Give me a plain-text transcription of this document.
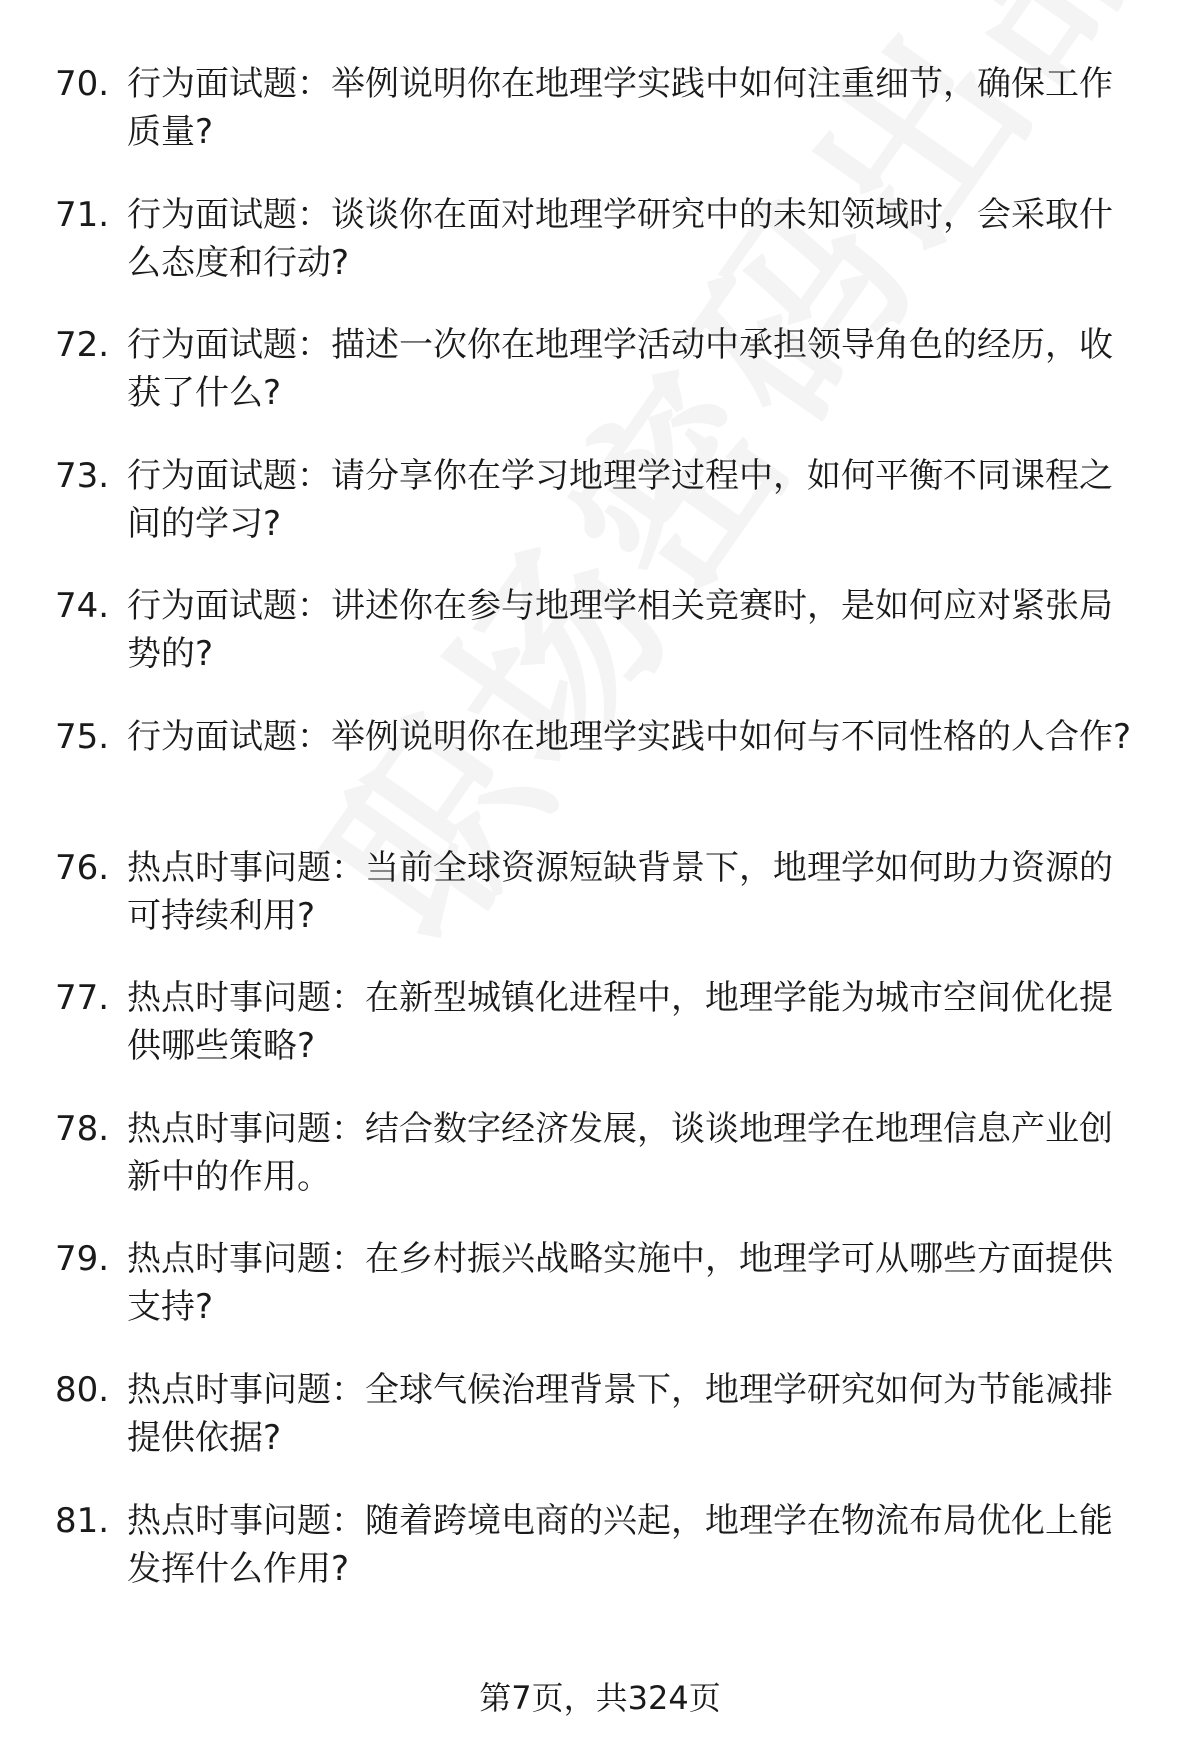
70. 行为面试题：举例说明你在地理学实践中如何注重细节，确保工作质量?

71. 行为面试题：谈谈你在面对地理学研究中的未知领域时，会采取什么态度和行动?

72. 行为面试题：描述一次你在地理学活动中承担领导角色的经历，收获了什么?

73. 行为面试题：请分享你在学习地理学过程中，如何平衡不同课程之间的学习?

74. 行为面试题：讲述你在参与地理学相关竞赛时，是如何应对紧张局势的?

75. 行为面试题：举例说明你在地理学实践中如何与不同性格的人合作?

76. 热点时事问题：当前全球资源短缺背景下，地理学如何助力资源的可持续利用?

77. 热点时事问题：在新型城镇化进程中，地理学能为城市空间优化提供哪些策略?

78. 热点时事问题：结合数字经济发展，谈谈地理学在地理信息产业创新中的作用。

79. 热点时事问题：在乡村振兴战略实施中，地理学可从哪些方面提供支持?

80. 热点时事问题：全球气候治理背景下，地理学研究如何为节能减排提供依据?

81. 热点时事问题：随着跨境电商的兴起，地理学在物流布局优化上能发挥什么作用?

第7页，共324页
